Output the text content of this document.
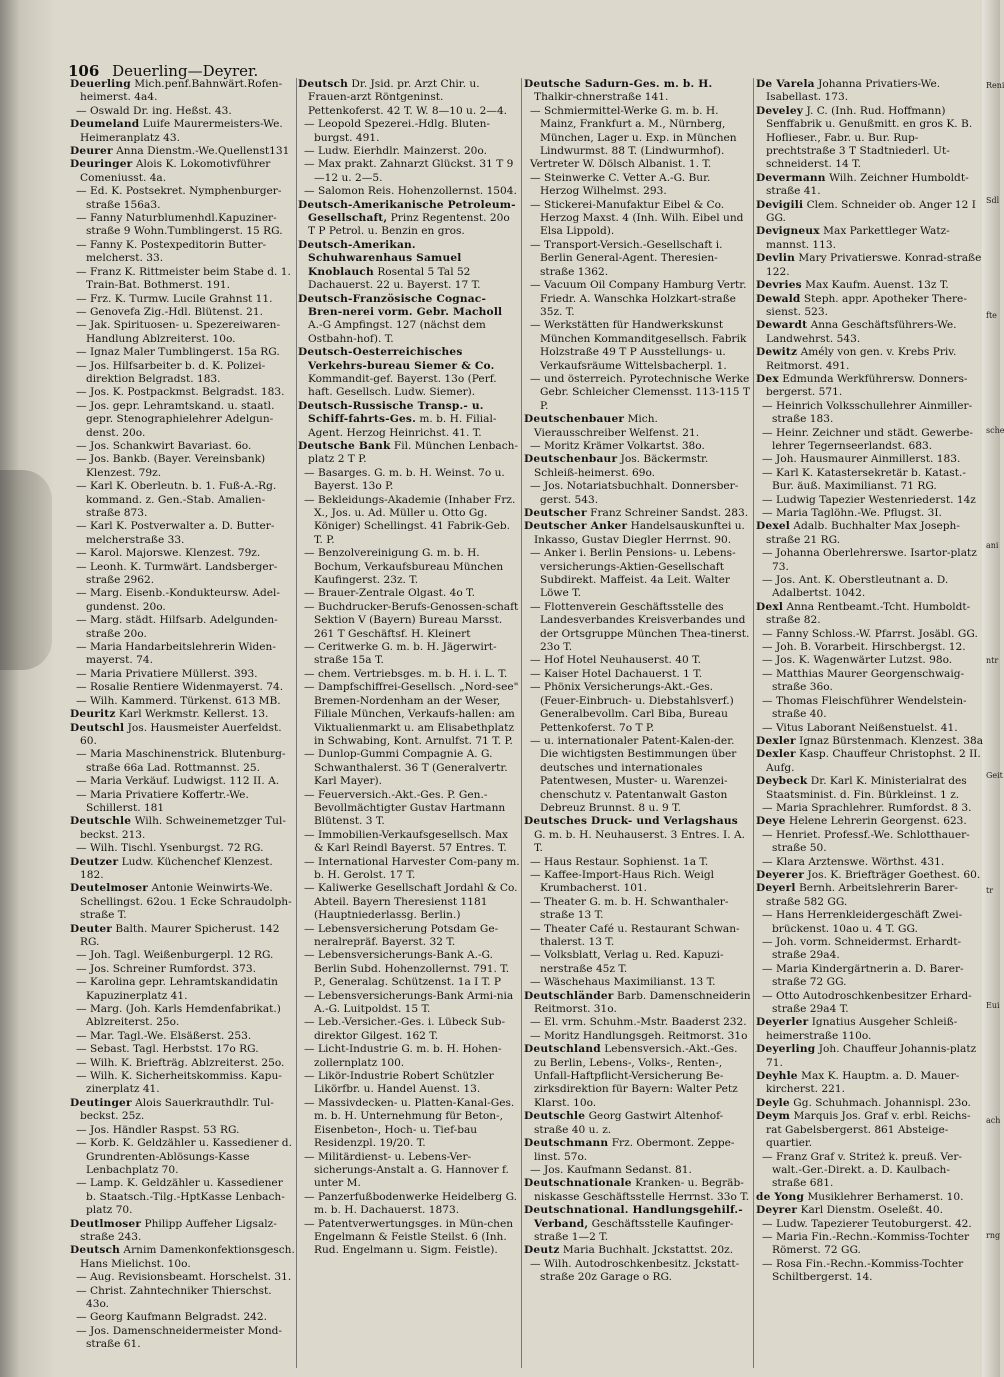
Reni
Sdl
fte
sche
ani
ntr
Geit
tr
Eui
ach
rng
106 Deuerling—Deyrer.
Deuerling Mich.penf.Bahnwärt.Rofen-heimerst. 4a4.
— Oswald Dr. ing. Heßst. 43.
Deumeland Luife Maurermeisters-We. Heimeranplatz 43.
Deurer Anna Dienstm.-We.Quellenst131
Deuringer Alois K. Lokomotivführer Comeniusst. 4a.
— Ed. K. Postsekret. Nymphenburger-straße 156a3.
— Fanny Naturblumenhdl.Kapuziner-straße 9 Wohn.Tumblingerst. 15 RG.
— Fanny K. Postexpeditorin Butter-melcherst. 33.
— Franz K. Rittmeister beim Stabe d. 1. Train-Bat. Bothmerst. 191.
— Frz. K. Turmw. Lucile Grahnst 11.
— Genovefa Zig.-Hdl. Blütenst. 21.
— Jak. Spirituosen- u. Spezereiwaren-Handlung Ablzreiterst. 10o.
— Ignaz Maler Tumblingerst. 15a RG.
— Jos. Hilfsarbeiter b. d. K. Polizei-direktion Belgradst. 183.
— Jos. K. Postpackmst. Belgradst. 183.
— Jos. gepr. Lehramtskand. u. staatl. gepr. Stenographielehrer Adelgun-denst. 20o.
— Jos. Schankwirt Bavariast. 6o.
— Jos. Bankb. (Bayer. Vereinsbank) Klenzest. 79z.
— Karl K. Oberleutn. b. 1. Fuß-A.-Rg. kommand. z. Gen.-Stab. Amalien-straße 873.
— Karl K. Postverwalter a. D. Butter-melcherstraße 33.
— Karol. Majorswe. Klenzest. 79z.
— Leonh. K. Turmwärt. Landsberger-straße 2962.
— Marg. Eisenb.-Kondukteursw. Adel-gundenst. 20o.
— Marg. städt. Hilfsarb. Adelgunden-straße 20o.
— Maria Handarbeitslehrerin Widen-mayerst. 74.
— Maria Privatiere Müllerst. 393.
— Rosalie Rentiere Widenmayerst. 74.
— Wilh. Kammerd. Türkenst. 613 MB.
Deuritz Karl Werkmstr. Kellerst. 13.
Deutschl Jos. Hausmeister Auerfeldst. 60.
— Maria Maschinenstrick. Blutenburg-straße 66a Lad. Rottmannst. 25.
— Maria Verkäuf. Ludwigst. 112 II. A.
— Maria Privatiere Koffertr.-We. Schillerst. 181
Deutschle Wilh. Schweinemetzger Tul-beckst. 213.
— Wilh. Tischl. Ysenburgst. 72 RG.
Deutzer Ludw. Küchenchef Klenzest. 182.
Deutelmoser Antonie Weinwirts-We. Schellingst. 62ou. 1 Ecke Schraudolph-straße T.
Deuter Balth. Maurer Spicherust. 142 RG.
— Joh. Tagl. Weißenburgerpl. 12 RG.
— Jos. Schreiner Rumfordst. 373.
— Karolina gepr. Lehramtskandidatin Kapuzinerplatz 41.
— Marg. (Joh. Karls Hemdenfabrikat.) Ablzreiterst. 25o.
— Mar. Tagl.-We. Elsäßerst. 253.
— Sebast. Tagl. Herbstst. 17o RG.
— Wilh. K. Briefträg. Ablzreiterst. 25o.
— Wilh. K. Sicherheitskommiss. Kapu-zinerplatz 41.
Deutinger Alois Sauerkrauthdlr. Tul-beckst. 25z.
— Jos. Händler Raspst. 53 RG.
— Korb. K. Geldzähler u. Kassediener d. Grundrenten-Ablösungs-Kasse Lenbachplatz 70.
— Lamp. K. Geldzähler u. Kassediener b. Staatsch.-Tilg.-HptKasse Lenbach-platz 70.
Deutlmoser Philipp Auffeher Ligsalz-straße 243.
Deutsch Arnim Damenkonfektionsgesch. Hans Mielichst. 10o.
— Aug. Revisionsbeamt. Horschelst. 31.
— Christ. Zahntechniker Thierschst. 43o.
— Georg Kaufmann Belgradst. 242.
— Jos. Damenschneidermeister Mond-straße 61.
Deutsch Dr. Jsid. pr. Arzt Chir. u. Frauen-arzt Röntgeninst. Pettenkoferst. 42 T. W. 8—10 u. 2—4.
— Leopold Spezerei.-Hdlg. Bluten-burgst. 491.
— Ludw. Eierhdlr. Mainzerst. 20o.
— Max prakt. Zahnarzt Glückst. 31 T 9—12 u. 2—5.
— Salomon Reis. Hohenzollernst. 1504.
Deutsch-Amerikanische Petroleum-Gesellschaft, Prinz Regentenst. 20o T P Petrol. u. Benzin en gros.
Deutsch-Amerikan. Schuhwarenhaus Samuel Knoblauch Rosental 5 Tal 52 Dachauerst. 22 u. Bayerst. 17 T.
Deutsch-Französische Cognac-Bren-nerei vorm. Gebr. Macholl A.-G Ampfingst. 127 (nächst dem Ostbahn-hof). T.
Deutsch-Oesterreichisches Verkehrs-bureau Siemer & Co. Kommandit-gef. Bayerst. 13o (Perf. haft. Gesellsch. Ludw. Siemer).
Deutsch-Russische Transp.- u. Schiff-fahrts-Ges. m. b. H. Filial-Agent. Herzog Heinrichst. 41. T.
Deutsche Bank Fil. München Lenbach-platz 2 T P.
— Basarges. G. m. b. H. Weinst. 7o u. Bayerst. 13o P.
— Bekleidungs-Akademie (Inhaber Frz. X., Jos. u. Ad. Müller u. Otto Gg. Königer) Schellingst. 41 Fabrik-Geb. T. P.
— Benzolvereinigung G. m. b. H. Bochum, Verkaufsbureau München Kaufingerst. 23z. T.
— Brauer-Zentrale Olgast. 4o T.
— Buchdrucker-Berufs-Genossen-schaft Sektion V (Bayern) Bureau Marsst. 261 T Geschäftsf. H. Kleinert
— Ceritwerke G. m. b. H. Jägerwirt-straße 15a T.
— chem. Vertriebsges. m. b. H. i. L. T.
— Dampfschiffrei-Gesellsch. „Nord-see" Bremen-Nordenham an der Weser, Filiale München, Verkaufs-hallen: am Viktualienmarkt u. am Elisabethplatz in Schwabing, Kont. Arnulfst. 71 T. P.
— Dunlop-Gummi Compagnie A. G. Schwanthalerst. 36 T (Generalvertr. Karl Mayer).
— Feuerversich.-Akt.-Ges. P. Gen.-Bevollmächtigter Gustav Hartmann Blütenst. 3 T.
— Immobilien-Verkaufsgesellsch. Max & Karl Reindl Bayerst. 57 Entres. T.
— International Harvester Com-pany m. b. H. Gerolst. 17 T.
— Kaliwerke Gesellschaft Jordahl & Co. Abteil. Bayern Theresienst 1181 (Hauptniederlassg. Berlin.)
— Lebensversicherung Potsdam Ge-neralrepräf. Bayerst. 32 T.
— Lebensversicherungs-Bank A.-G. Berlin Subd. Hohenzollernst. 791. T. P., Generalag. Schützenst. 1a I T. P
— Lebensversicherungs-Bank Armi-nia A.-G. Luitpoldst. 15 T.
— Leb.-Versicher.-Ges. i. Lübeck Sub-direktor Gilgest. 162 T.
— Licht-Industrie G. m. b. H. Hohen-zollernplatz 100.
— Likör-Industrie Robert Schützler Likörfbr. u. Handel Auenst. 13.
— Massivdecken- u. Platten-Kanal-Ges. m. b. H. Unternehmung für Beton-, Eisenbeton-, Hoch- u. Tief-bau Residenzpl. 19/20. T.
— Militärdienst- u. Lebens-Ver-sicherungs-Anstalt a. G. Hannover f. unter M.
— Panzerfußbodenwerke Heidelberg G. m. b. H. Dachauerst. 1873.
— Patentverwertungsges. in Mün-chen Engelmann & Feistle Steilst. 6 (Inh. Rud. Engelmann u. Sigm. Feistle).
Deutsche Sadurn-Ges. m. b. H. Thalkir-chnerstraße 141.
— Schmiermittel-Werke G. m. b. H. Mainz, Frankfurt a. M., Nürnberg, München, Lager u. Exp. in München Lindwurmst. 88 T. (Lindwurmhof).
Vertreter W. Dölsch Albanist. 1. T.
— Steinwerke C. Vetter A.-G. Bur. Herzog Wilhelmst. 293.
— Stickerei-Manufaktur Eibel & Co. Herzog Maxst. 4 (Inh. Wilh. Eibel und Elsa Lippold).
— Transport-Versich.-Gesellschaft i. Berlin General-Agent. Theresien-straße 1362.
— Vacuum Oil Company Hamburg Vertr. Friedr. A. Wanschka Holzkart-straße 35z. T.
— Werkstätten für Handwerkskunst München Kommanditgesellsch. Fabrik Holzstraße 49 T P Ausstellungs- u. Verkaufsräume Wittelsbacherpl. 1.
— und österreich. Pyrotechnische Werke Gebr. Schleicher Clemensst. 113-115 T P.
Deutschenbauer Mich. Vierausschreiber Welfenst. 21.
— Moritz Krämer Volkartst. 38o.
Deutschenbaur Jos. Bäckermstr. Schleiß-heimerst. 69o.
— Jos. Notariatsbuchhalt. Donnersber-gerst. 543.
Deutscher Franz Schreiner Sandst. 283.
Deutscher Anker Handelsauskunftei u. Inkasso, Gustav Diegler Herrnst. 90.
— Anker i. Berlin Pensions- u. Lebens-versicherungs-Aktien-Gesellschaft Subdirekt. Maffeist. 4a Leit. Walter Löwe T.
— Flottenverein Geschäftsstelle des Landesverbandes Kreisverbandes und der Ortsgruppe München Thea-tinerst. 23o T.
— Hof Hotel Neuhauserst. 40 T.
— Kaiser Hotel Dachauerst. 1 T.
— Phönix Versicherungs-Akt.-Ges. (Feuer-Einbruch- u. Diebstahlsverf.) Generalbevollm. Carl Biba, Bureau Pettenkoferst. 7o T P.
— u. internationaler Patent-Kalen-der. Die wichtigsten Bestimmungen über deutsches und internationales Patentwesen, Muster- u. Warenzei-chenschutz v. Patentanwalt Gaston Debreuz Brunnst. 8 u. 9 T.
Deutsches Druck- und Verlagshaus G. m. b. H. Neuhauserst. 3 Entres. I. A. T.
— Haus Restaur. Sophienst. 1a T.
— Kaffee-Import-Haus Rich. Weigl Krumbacherst. 101.
— Theater G. m. b. H. Schwanthaler-straße 13 T.
— Theater Café u. Restaurant Schwan-thalerst. 13 T.
— Volksblatt, Verlag u. Red. Kapuzi-nerstraße 45z T.
— Wäschehaus Maximilianst. 13 T.
Deutschländer Barb. Damenschneiderin Reitmorst. 31o.
— El. vrm. Schuhm.-Mstr. Baaderst 232.
— Moritz Handlungsgeh. Reitmorst. 31o
Deutschland Lebensversich.-Akt.-Ges. zu Berlin, Lebens-, Volks-, Renten-, Unfall-Haftpflicht-Versicherung Be-zirksdirektion für Bayern: Walter Petz Klarst. 10o.
Deutschle Georg Gastwirt Altenhof-straße 40 u. z.
Deutschmann Frz. Obermont. Zeppe-linst. 57o.
— Jos. Kaufmann Sedanst. 81.
Deutschnationale Kranken- u. Begräb-niskasse Geschäftsstelle Herrnst. 33o T.
Deutschnational. Handlungsgehilf.-Verband, Geschäftsstelle Kaufinger-straße 1—2 T.
Deutz Maria Buchhalt. Jckstattst. 20z.
— Wilh. Autodroschkenbesitz. Jckstatt-straße 20z Garage o RG.
De Varela Johanna Privatiers-We. Isabellast. 173.
Develey J. C. (Inh. Rud. Hoffmann) Senffabrik u. Genußmitt. en gros K. B. Hoflieser., Fabr. u. Bur. Rup-prechtstraße 3 T Stadtniederl. Ut-schneiderst. 14 T.
Devermann Wilh. Zeichner Humboldt-straße 41.
Devigili Clem. Schneider ob. Anger 12 I GG.
Devigneux Max Parkettleger Watz-mannst. 113.
Devlin Mary Privatierswe. Konrad-straße 122.
Devries Max Kaufm. Auenst. 13z T.
Dewald Steph. appr. Apotheker There-sienst. 523.
Dewardt Anna Geschäftsführers-We. Landwehrst. 543.
Dewitz Amély von gen. v. Krebs Priv. Reitmorst. 491.
Dex Edmunda Werkführersw. Donners-bergerst. 571.
— Heinrich Volksschullehrer Ainmiller-straße 183.
— Heinr. Zeichner und städt. Gewerbe-lehrer Tegernseerlandst. 683.
— Joh. Hausmaurer Ainmillerst. 183.
— Karl K. Katastersekretär b. Katast.-Bur. äuß. Maximilianst. 71 RG.
— Ludwig Tapezier Westenriederst. 14z
— Maria Taglöhn.-We. Pflugst. 3I.
Dexel Adalb. Buchhalter Max Joseph-straße 21 RG.
— Johanna Oberlehrerswe. Isartor-platz 73.
— Jos. Ant. K. Oberstleutnant a. D. Adalbertst. 1042.
Dexl Anna Rentbeamt.-Tcht. Humboldt-straße 82.
— Fanny Schloss.-W. Pfarrst. Josäbl. GG.
— Joh. B. Vorarbeit. Hirschbergst. 12.
— Jos. K. Wagenwärter Lutzst. 98o.
— Matthias Maurer Georgenschwaig-straße 36o.
— Thomas Fleischführer Wendelstein-straße 40.
— Vitus Laborant Neißenstuelst. 41.
Dexler Ignaz Bürstenmach. Klenzest. 38a
Dexler Kasp. Chauffeur Christophst. 2 II. Aufg.
Deybeck Dr. Karl K. Ministerialrat des Staatsminist. d. Fin. Bürkleinst. 1 z.
— Maria Sprachlehrer. Rumfordst. 8 3.
Deye Helene Lehrerin Georgenst. 623.
— Henriet. Professf.-We. Schlotthauer-straße 50.
— Klara Arztenswe. Wörthst. 431.
Deyerer Jos. K. Briefträger Goethest. 60.
Deyerl Bernh. Arbeitslehrerin Barer-straße 582 GG.
— Hans Herrenkleidergeschäft Zwei-brückenst. 10ao u. 4 T. GG.
— Joh. vorm. Schneidermst. Erhardt-straße 29a4.
— Maria Kindergärtnerin a. D. Barer-straße 72 GG.
— Otto Autodroschkenbesitzer Erhard-straße 29a4 T.
Deyerler Ignatius Ausgeher Schleiß-heimerstraße 110o.
Deyerling Joh. Chauffeur Johannis-platz 71.
Deyhle Max K. Hauptm. a. D. Mauer-kircherst. 221.
Deyle Gg. Schuhmach. Johannispl. 23o.
Deym Marquis Jos. Graf v. erbl. Reichs-rat Gabelsbergerst. 861 Absteige-quartier.
— Franz Graf v. Striteż k. preuß. Ver-walt.-Ger.-Direkt. a. D. Kaulbach-straße 681.
de Yong Musiklehrer Berhamerst. 10.
Deyrer Karl Dienstm. Oseleßt. 40.
— Ludw. Tapezierer Teutoburgerst. 42.
— Maria Fin.-Rechn.-Kommiss-Tochter Römerst. 72 GG.
— Rosa Fin.-Rechn.-Kommiss-Tochter Schiltbergerst. 14.
